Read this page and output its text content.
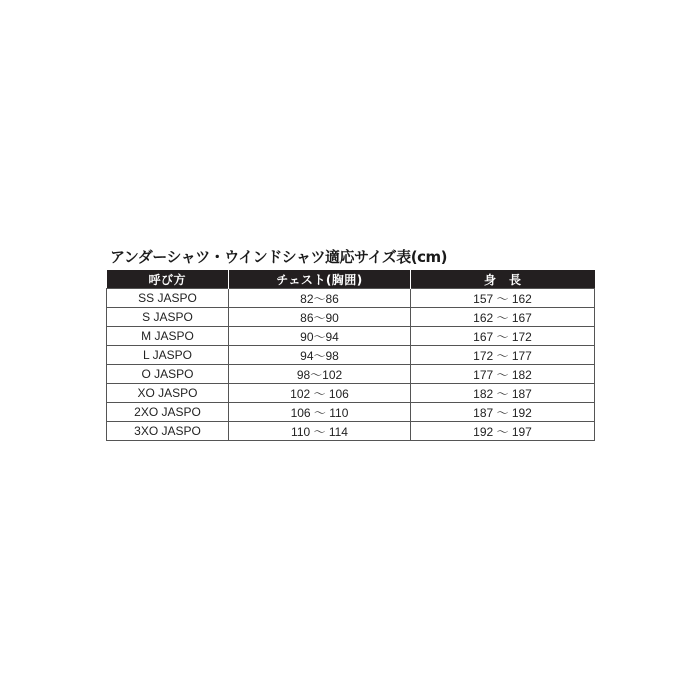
アンダーシャツ・ウインドシャツ適応サイズ表(cm)
呼び方	チェスト(胸囲)	身　長
SS JASPO	82〜86	157 〜 162
S JASPO	86〜90	162 〜 167
M JASPO	90〜94	167 〜 172
L JASPO	94〜98	172 〜 177
O JASPO	98〜102	177 〜 182
XO JASPO	102 〜 106	182 〜 187
2XO JASPO	106 〜 110	187 〜 192
3XO JASPO	110 〜 114	192 〜 197
